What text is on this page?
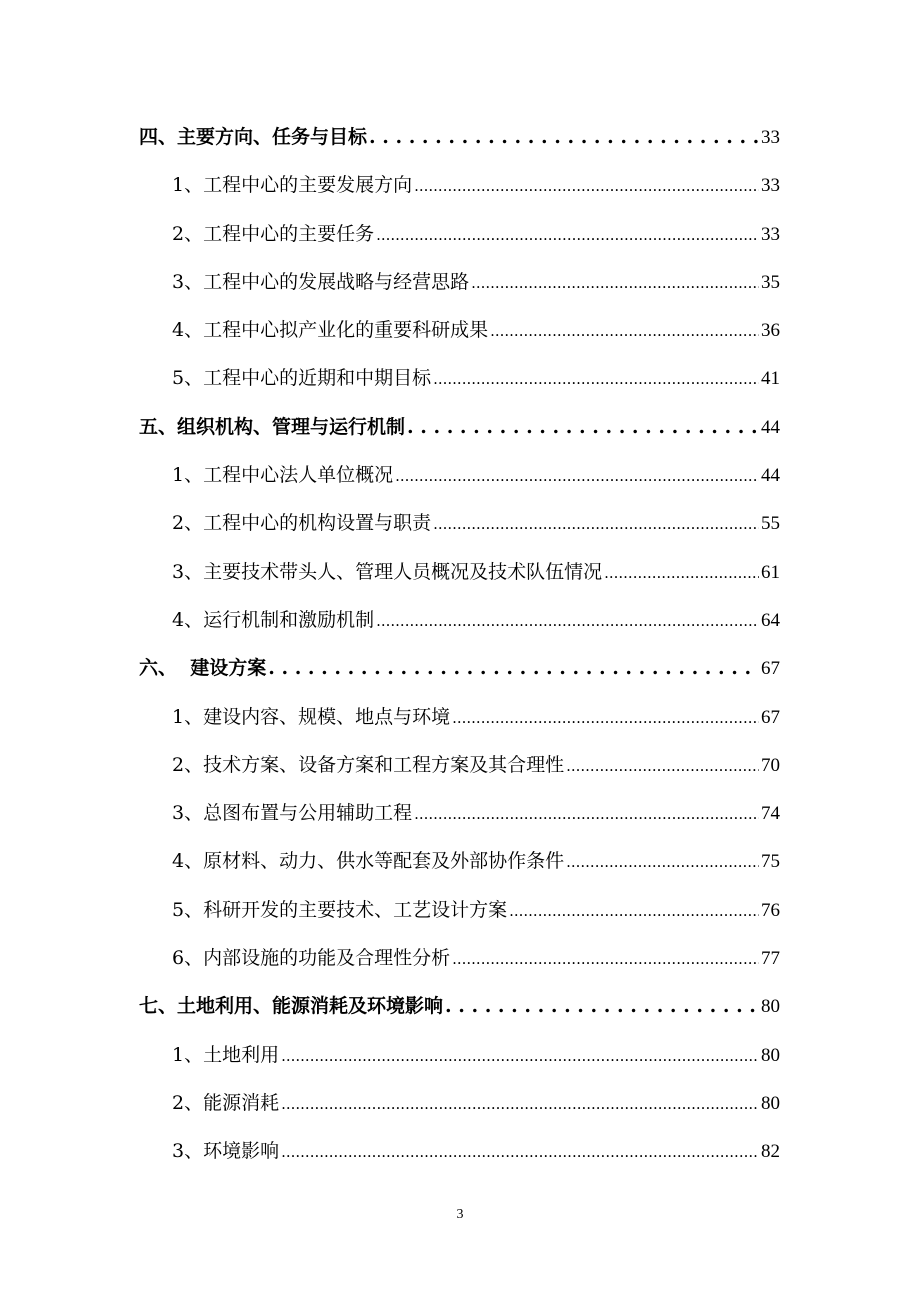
四、主要方向、任务与目标 . . .	33
1、工程中心的主要发展方向 .....	33
2、工程中心的主要任务 .....	33
3、工程中心的发展战略与经营思路 .....	35
4、工程中心拟产业化的重要科研成果 .....	36
5、工程中心的近期和中期目标 .....	41
五、组织机构、管理与运行机制 . . .	44
1、工程中心法人单位概况 .....	44
2、工程中心的机构设置与职责 .....	55
3、主要技术带头人、管理人员概况及技术队伍情况 .....	61
4、运行机制和激励机制 .....	64
六、  建设方案 . . .	67
1、建设内容、规模、地点与环境 .....	67
2、技术方案、设备方案和工程方案及其合理性 .....	70
3、总图布置与公用辅助工程 .....	74
4、原材料、动力、供水等配套及外部协作条件 .....	75
5、科研开发的主要技术、工艺设计方案 .....	76
6、内部设施的功能及合理性分析 .....	77
七、土地利用、能源消耗及环境影响 . . .	80
1、土地利用 .....	80
2、能源消耗 .....	80
3、环境影响 .....	82
3
